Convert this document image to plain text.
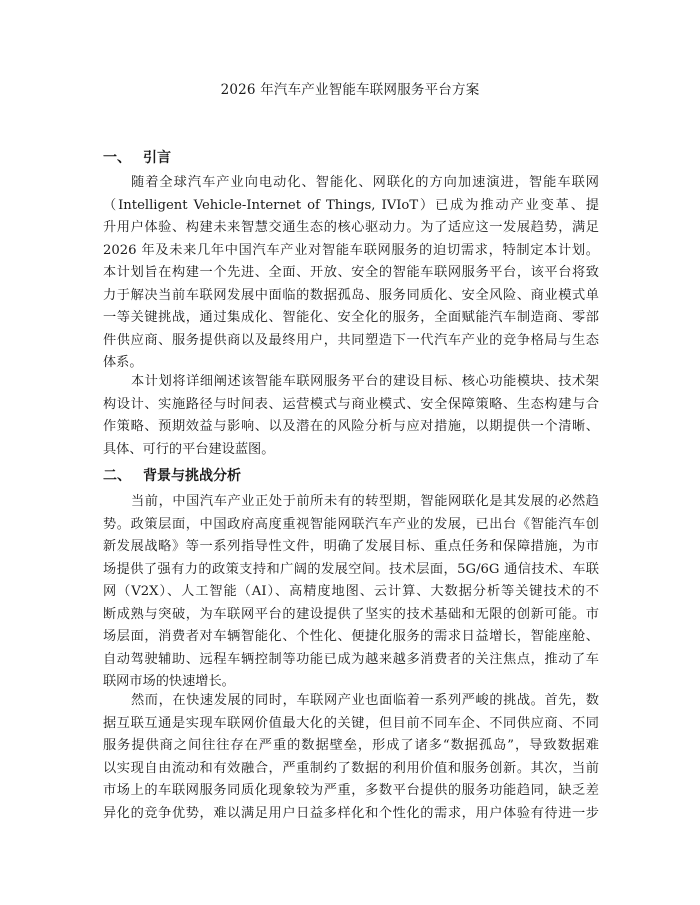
2026 年汽车产业智能车联网服务平台方案
一、 引言
随着全球汽车产业向电动化、智能化、网联化的方向加速演进，智能车联网
（Intelligent Vehicle-Internet of Things, IVIoT）已成为推动产业变革、提
升用户体验、构建未来智慧交通生态的核心驱动力。为了适应这一发展趋势，满足
2026 年及未来几年中国汽车产业对智能车联网服务的迫切需求，特制定本计划。
本计划旨在构建一个先进、全面、开放、安全的智能车联网服务平台，该平台将致
力于解决当前车联网发展中面临的数据孤岛、服务同质化、安全风险、商业模式单
一等关键挑战，通过集成化、智能化、安全化的服务，全面赋能汽车制造商、零部
件供应商、服务提供商以及最终用户，共同塑造下一代汽车产业的竞争格局与生态
体系。
本计划将详细阐述该智能车联网服务平台的建设目标、核心功能模块、技术架
构设计、实施路径与时间表、运营模式与商业模式、安全保障策略、生态构建与合
作策略、预期效益与影响、以及潜在的风险分析与应对措施，以期提供一个清晰、
具体、可行的平台建设蓝图。
二、 背景与挑战分析
当前，中国汽车产业正处于前所未有的转型期，智能网联化是其发展的必然趋
势。政策层面，中国政府高度重视智能网联汽车产业的发展，已出台《智能汽车创
新发展战略》等一系列指导性文件，明确了发展目标、重点任务和保障措施，为市
场提供了强有力的政策支持和广阔的发展空间。技术层面，5G/6G 通信技术、车联
网（V2X）、人工智能（AI）、高精度地图、云计算、大数据分析等关键技术的不
断成熟与突破，为车联网平台的建设提供了坚实的技术基础和无限的创新可能。市
场层面，消费者对车辆智能化、个性化、便捷化服务的需求日益增长，智能座舱、
自动驾驶辅助、远程车辆控制等功能已成为越来越多消费者的关注焦点，推动了车
联网市场的快速增长。
然而，在快速发展的同时，车联网产业也面临着一系列严峻的挑战。首先，数
据互联互通是实现车联网价值最大化的关键，但目前不同车企、不同供应商、不同
服务提供商之间往往存在严重的数据壁垒，形成了诸多“数据孤岛”，导致数据难
以实现自由流动和有效融合，严重制约了数据的利用价值和服务创新。其次，当前
市场上的车联网服务同质化现象较为严重，多数平台提供的服务功能趋同，缺乏差
异化的竞争优势，难以满足用户日益多样化和个性化的需求，用户体验有待进一步
